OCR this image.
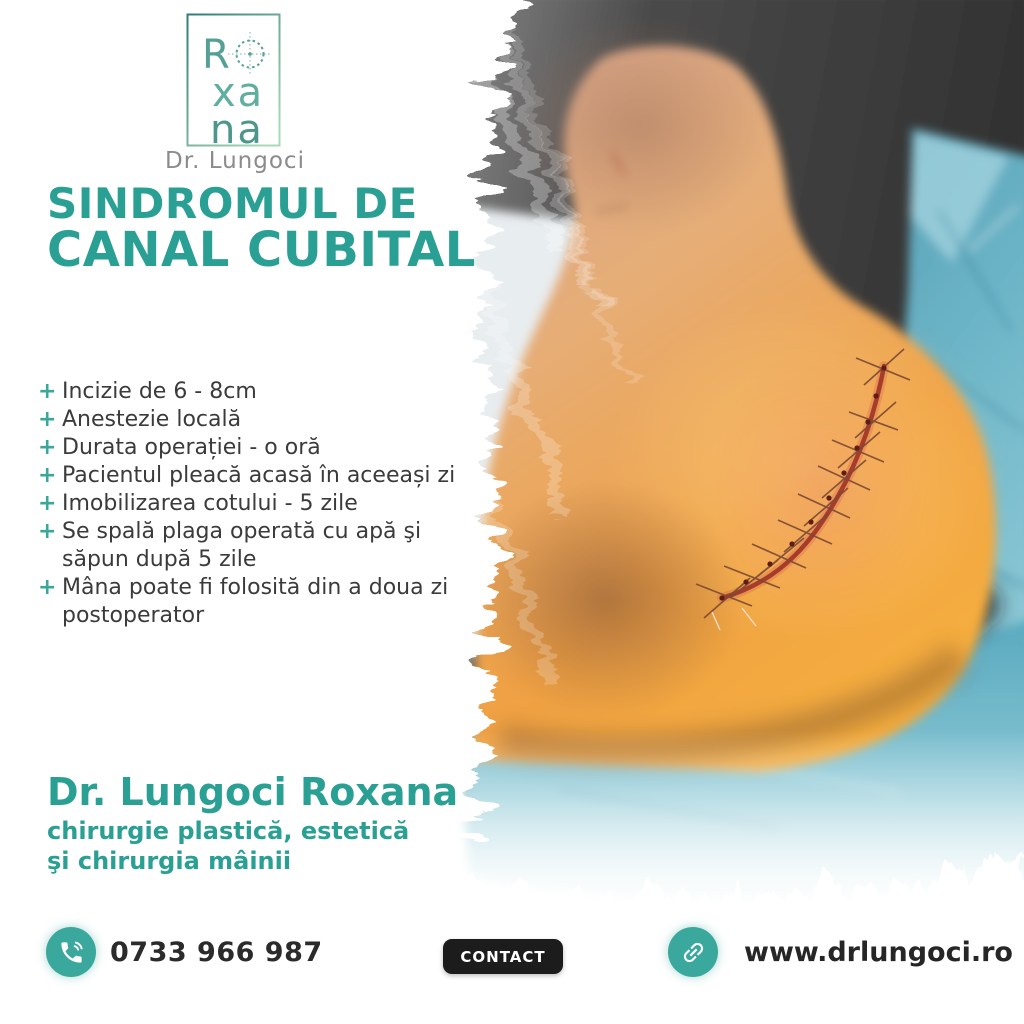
R
xa
na
Dr. Lungoci
SINDROMUL DE
CANAL CUBITAL
+ Incizie de 6 - 8cm
+ Anestezie locală
+ Durata operației - o oră
+ Pacientul pleacă acasă în aceeași zi
+ Imobilizarea cotului - 5 zile
+ Se spală plaga operată cu apă şi săpun după 5 zile
+ Mâna poate fi folosită din a doua zi postoperator
Dr. Lungoci Roxana
chirurgie plastică, estetică şi chirurgia mâinii
0733 966 987	CONTACT	www.drlungoci.ro
